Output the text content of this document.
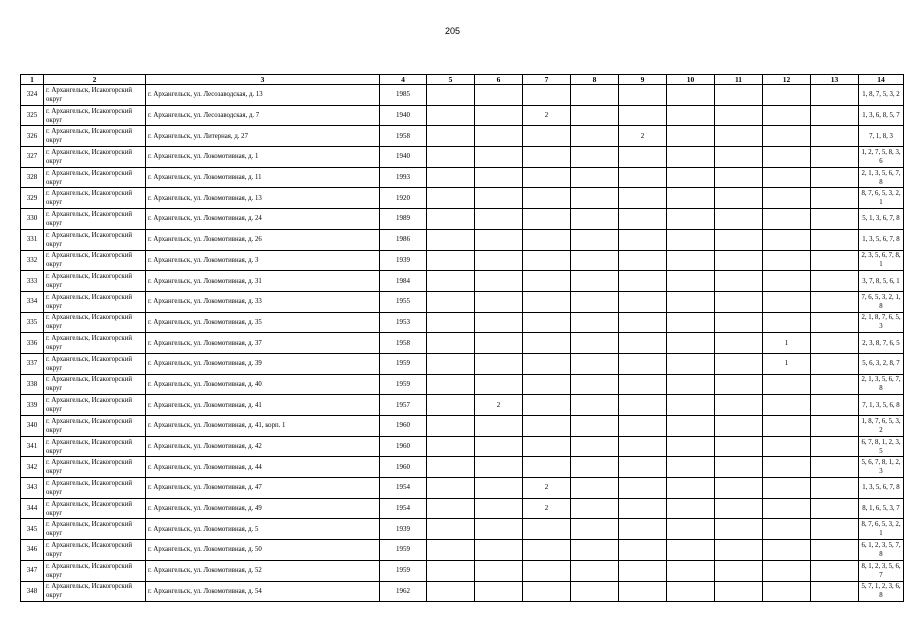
205
1	2	3	4	5	6	7	8	9	10	11	12	13	14
324	г. Архангельск, Исакогорский округ	г. Архангельск, ул. Лесозаводская, д. 13	1985										1, 8, 7, 5, 3, 2
325	г. Архангельск, Исакогорский округ	г. Архангельск, ул. Лесозаводская, д. 7	1940			2							1, 3, 6, 8, 5, 7
326	г. Архангельск, Исакогорский округ	г. Архангельск, ул. Литерная, д. 27	1958					2					7, 1, 8, 3
327	г. Архангельск, Исакогорский округ	г. Архангельск, ул. Локомотивная, д. 1	1940										1, 2, 7, 5, 8, 3, 6
328	г. Архангельск, Исакогорский округ	г. Архангельск, ул. Локомотивная, д. 11	1993										2, 1, 3, 5, 6, 7, 8
329	г. Архангельск, Исакогорский округ	г. Архангельск, ул. Локомотивная, д. 13	1920										8, 7, 6, 5, 3, 2, 1
330	г. Архангельск, Исакогорский округ	г. Архангельск, ул. Локомотивная, д. 24	1989										5, 1, 3, 6, 7, 8
331	г. Архангельск, Исакогорский округ	г. Архангельск, ул. Локомотивная, д. 26	1986										1, 3, 5, 6, 7, 8
332	г. Архангельск, Исакогорский округ	г. Архангельск, ул. Локомотивная, д. 3	1939										2, 3, 5, 6, 7, 8, 1
333	г. Архангельск, Исакогорский округ	г. Архангельск, ул. Локомотивная, д. 31	1984										3, 7, 8, 5, 6, 1
334	г. Архангельск, Исакогорский округ	г. Архангельск, ул. Локомотивная, д. 33	1955										7, 6, 5, 3, 2, 1, 8
335	г. Архангельск, Исакогорский округ	г. Архангельск, ул. Локомотивная, д. 35	1953										2, 1, 8, 7, 6, 5, 3
336	г. Архангельск, Исакогорский округ	г. Архангельск, ул. Локомотивная, д. 37	1958								1		2, 3, 8, 7, 6, 5
337	г. Архангельск, Исакогорский округ	г. Архангельск, ул. Локомотивная, д. 39	1959								1		5, 6, 3, 2, 8, 7
338	г. Архангельск, Исакогорский округ	г. Архангельск, ул. Локомотивная, д. 40	1959										2, 1, 3, 5, 6, 7, 8
339	г. Архангельск, Исакогорский округ	г. Архангельск, ул. Локомотивная, д. 41	1957		2								7, 1, 3, 5, 6, 8
340	г. Архангельск, Исакогорский округ	г. Архангельск, ул. Локомотивная, д. 41, корп. 1	1960										1, 8, 7, 6, 5, 3, 2
341	г. Архангельск, Исакогорский округ	г. Архангельск, ул. Локомотивная, д. 42	1960										6, 7, 8, 1, 2, 3, 5
342	г. Архангельск, Исакогорский округ	г. Архангельск, ул. Локомотивная, д. 44	1960										5, 6, 7, 8, 1, 2, 3
343	г. Архангельск, Исакогорский округ	г. Архангельск, ул. Локомотивная, д. 47	1954			2							1, 3, 5, 6, 7, 8
344	г. Архангельск, Исакогорский округ	г. Архангельск, ул. Локомотивная, д. 49	1954			2							8, 1, 6, 5, 3, 7
345	г. Архангельск, Исакогорский округ	г. Архангельск, ул. Локомотивная, д. 5	1939										8, 7, 6, 5, 3, 2, 1
346	г. Архангельск, Исакогорский округ	г. Архангельск, ул. Локомотивная, д. 50	1959										6, 1, 2, 3, 5, 7, 8
347	г. Архангельск, Исакогорский округ	г. Архангельск, ул. Локомотивная, д. 52	1959										8, 1, 2, 3, 5, 6, 7
348	г. Архангельск, Исакогорский округ	г. Архангельск, ул. Локомотивная, д. 54	1962										5, 7, 1, 2, 3, 6, 8
